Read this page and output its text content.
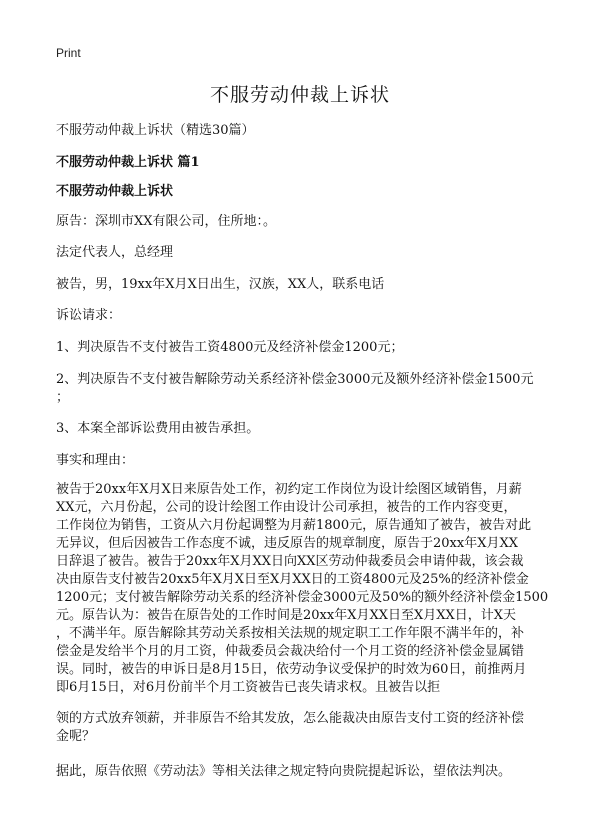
Print
不服劳动仲裁上诉状
不服劳动仲裁上诉状（精选30篇）
不服劳动仲裁上诉状 篇1
不服劳动仲裁上诉状
原告：深圳市XX有限公司，住所地：。
法定代表人，总经理
被告，男，19xx年X月X日出生，汉族，XX人，联系电话
诉讼请求：
1、判决原告不支付被告工资4800元及经济补偿金1200元；
2、判决原告不支付被告解除劳动关系经济补偿金3000元及额外经济补偿金1500元
；
3、本案全部诉讼费用由被告承担。
事实和理由：
被告于20xx年X月X日来原告处工作，初约定工作岗位为设计绘图区域销售，月薪
XX元，六月份起，公司的设计绘图工作由设计公司承担，被告的工作内容变更，
工作岗位为销售，工资从六月份起调整为月薪1800元，原告通知了被告，被告对此
无异议，但后因被告工作态度不诚，违反原告的规章制度，原告于20xx年X月XX
日辞退了被告。被告于20xx年X月XX日向XX区劳动仲裁委员会申请仲裁，该会裁
决由原告支付被告20xx5年X月X日至X月XX日的工资4800元及25%的经济补偿金
1200元；支付被告解除劳动关系的经济补偿金3000元及50%的额外经济补偿金1500
元。原告认为：被告在原告处的工作时间是20xx年X月XX日至X月XX日，计X天
，不满半年。原告解除其劳动关系按相关法规的规定职工工作年限不满半年的，补
偿金是发给半个月的月工资，仲裁委员会裁决给付一个月工资的经济补偿金显属错
误。同时，被告的申诉日是8月15日，依劳动争议受保护的时效为60日，前推两月
即6月15日，对6月份前半个月工资被告已丧失请求权。且被告以拒
领的方式放弃领薪，并非原告不给其发放，怎么能裁决由原告支付工资的经济补偿
金呢？
据此，原告依照《劳动法》等相关法律之规定特向贵院提起诉讼，望依法判决。
